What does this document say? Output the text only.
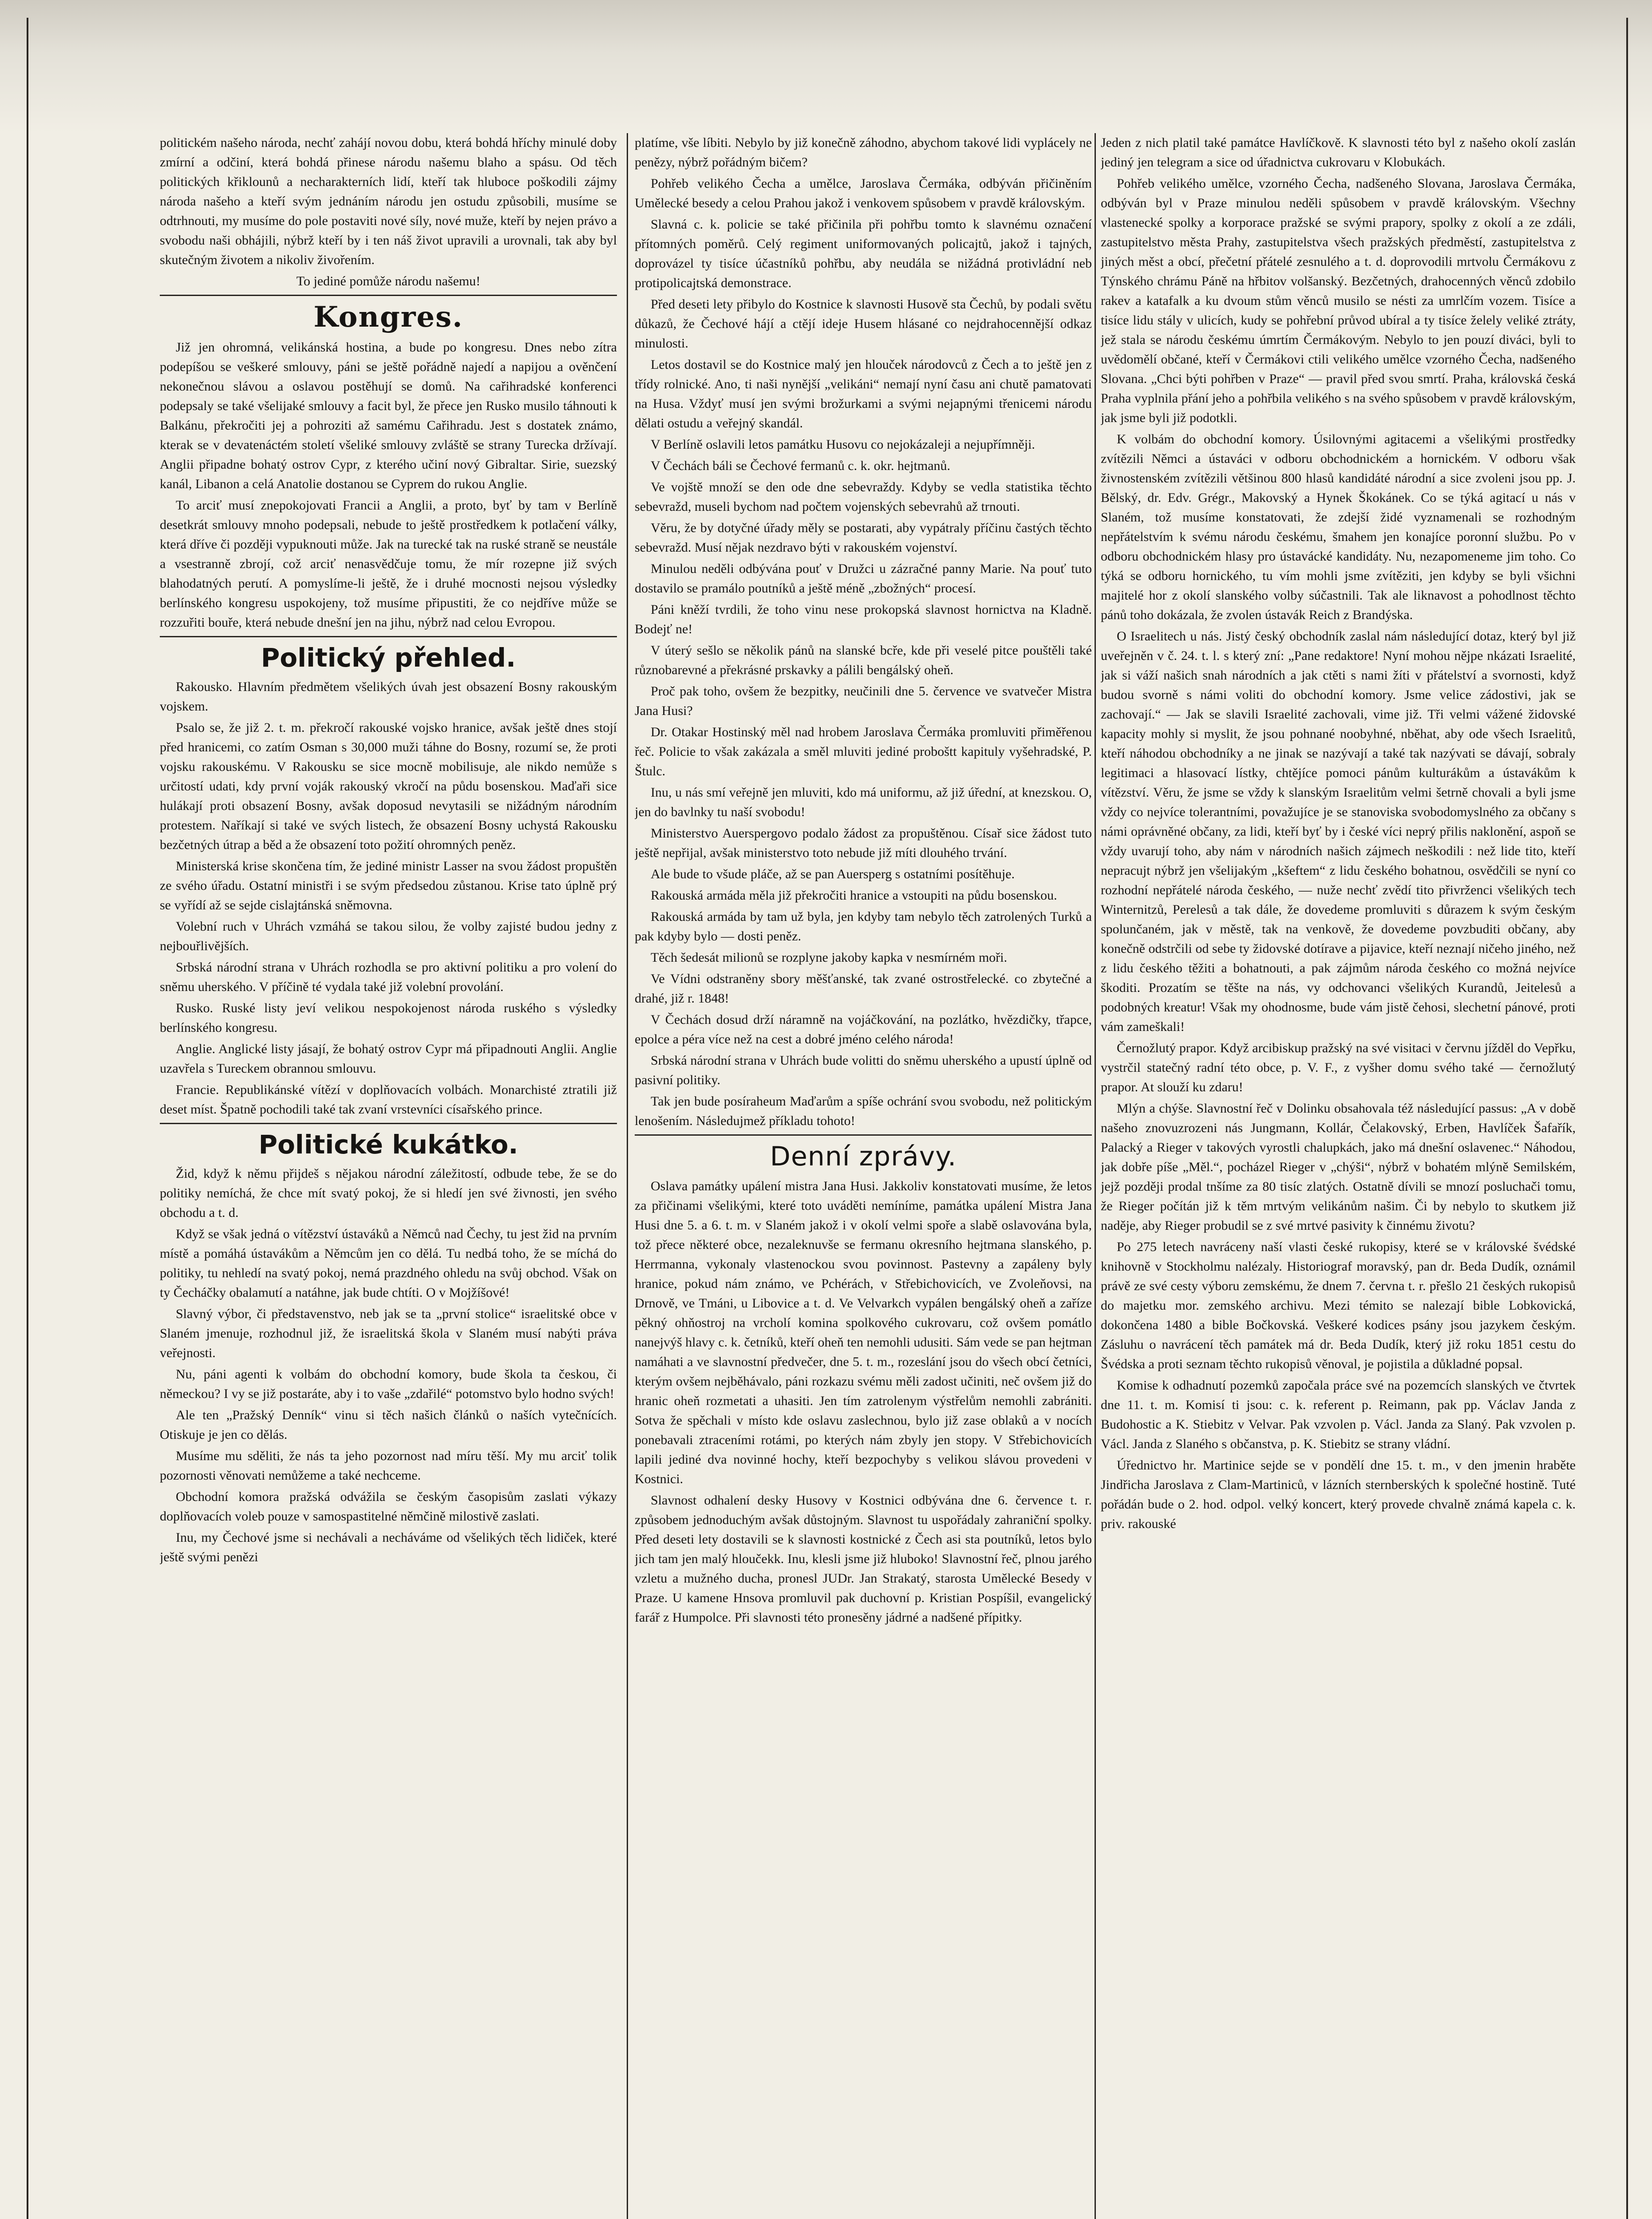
politickém našeho národa, nechť zahájí novou dobu, která bohdá hříchy minulé doby zmírní a odčiní, která bohdá přinese národu našemu blaho a spásu. Od těch politických křiklounů a necharakterních lidí, kteří tak hluboce poškodili zájmy národa našeho a kteří svým jednáním národu jen ostudu způsobili, musíme se odtrhnouti, my musíme do pole postaviti nové síly, nové muže, kteří by nejen právo a svobodu naši obhájili, nýbrž kteří by i ten náš život upravili a urovnali, tak aby byl skutečným životem a nikoliv živořením.

To jediné pomůže národu našemu!

Kongres.

Již jen ohromná, velikánská hostina, a bude po kongresu. Dnes nebo zítra podepíšou se veškeré smlouvy, páni se ještě pořádně najedí a napijou a ověnčení nekonečnou slávou a oslavou postěhují se domů. Na cařihradské konferenci podepsaly se také všeliјaké smlouvy a facit byl, že přece jen Rusko musilo táhnouti k Balkánu, překročiti jej a pohroziti až samému Cařihradu. Jest s dostatek známo, kterak se v devatenáctém století všeliké smlouvy zvláště se strany Turecka držívají. Anglii připadne bohatý ostrov Cypr, z kterého učiní nový Gibraltar. Sirie, suezský kanál, Libanon a celá Anatolie dostanou se Cyprem do rukou Anglie.

To arciť musí znepokojovati Francii a Anglii, a proto, byť by tam v Berlíně desetkrát smlouvy mnoho podepsali, nebude to ještě prostředkem k potlačení války, která dříve či později vypuknouti může. Jak na turecké tak na ruské straně se neustále a vsestranně zbrojí, což arciť nenasvědčuje tomu, že mír rozepne již svých blahodatných perutí. A pomyslíme-li ještě, že i druhé mocnosti nejsou výsledky berlínského kongresu uspokojeny, tož musíme připustiti, že co nejdříve může se rozzuřiti bouře, která nebude dnešní jen na jihu, nýbrž nad celou Evropou.

Politický přehled.

Rakousko. Hlavním předmětem všelikých úvah jest obsazení Bosny rakouským vojskem.

Psalo se, že již 2. t. m. překročí rakouské vojsko hranice, avšak ještě dnes stojí před hranicemi, co zatím Osman s 30,000 muži táhne do Bosny, rozumí se, že proti vojsku rakouskému. V Rakousku se sice mocně mobilisuje, ale nikdo nemůže s určitostí udati, kdy první voják rakouský vkročí na půdu bosenskou. Maďaři sice hulákají proti obsazení Bosny, avšak doposud nevytasili se nižádným národním protestem. Naříkají si také ve svých listech, že obsazení Bosny uchystá Rakousku bezčetných útrap a běd a že obsazení toto požití ohromných peněz.

Ministerská krise skončena tím, že jediné ministr Lasser na svou žádost propuštěn ze svého úřadu. Ostatní ministři i se svým předsedou zůstanou. Krise tato úplně prý se vyřídí až se sejde cislajtánská sněmovna.

Volební ruch v Uhrách vzmáhá se takou silou, že volby zajisté budou jedny z nejbouřlivějších.

Srbská národní strana v Uhrách rozhodla se pro aktivní politiku a pro volení do sněmu uherského. V příčině té vydala také již volební provolání.

Rusko. Ruské listy jeví velikou nespokojenost národa ruského s výsledky berlínského kongresu.

Anglie. Anglické listy jásají, že bohatý ostrov Cypr má připadnouti Anglii. Anglie uzavřela s Tureckem obrannou smlouvu.

Francie. Republikánské vítězí v doplňovacích volbách. Monarchisté ztratili již deset míst. Špatně pochodili také tak zvaní vrstevníci císařského prince.

Politické kukátko.

Žid, když k němu přijdeš s nějakou národní záležitostí, odbude tebe, že se do politiky nemíchá, že chce mít svatý pokoj, že si hledí jen své živnosti, jen svého obchodu a t. d.

Když se však jedná o vítězství ústaváků a Němců nad Čechy, tu jest žid na prvním místě a pomáhá ústavákům a Němcům jen co dělá. Tu nedbá toho, že se míchá do politiky, tu nehledí na svatý pokoj, nemá prazdného ohledu na svůj obchod. Však on ty Čecháčky obalamutí a natáhne, jak bude chtíti. O v Mojžíšové!

Slavný výbor, či představenstvo, neb jak se ta „první stolice“ israelitské obce v Slaném jmenuje, rozhodnul již, že israelitská škola v Slaném musí nabýti práva veřejnosti.

Nu, páni agenti k volbám do obchodní komory, bude škola ta českou, či německou? I vy se již postaráte, aby i to vaše „zdařilé“ potomstvo bylo hodno svých!

Ale ten „Pražský Denník“ vinu si těch našich článků o naších vytečnících. Otiskuje je jen co dělás.

Musíme mu sděliti, že nás ta jeho pozornost nad míru těší. My mu arciť tolik pozornosti věnovati nemůžeme a také nechceme.

Obchodní komora pražská odvážila se českým časopisům zaslati výkazy doplňovacích voleb pouze v samospastitelné němčině milostivě zaslati.

Inu, my Čechové jsme si nechávali a necháváme od všelikých těch lidiček, které ještě svými penězi

platíme, vše líbiti. Nebylo by již konečně záhodno, abychom takové lidi vyplácely ne penězy, nýbrž pořádným bičem?

Pohřeb velikého Čecha a umělce, Jaroslava Čermáka, odbýván přičiněním Umělecké besedy a celou Prahou jakož i venkovem spůsobem v pravdě královským.

Slavná c. k. policie se také přičinila při pohřbu tomto k slavnému označení přítomných poměrů. Celý regiment uniformovaných policajtů, jakož i tajných, doprovázel ty tisíce účastníků pohřbu, aby neudála se nižádná protivládní neb protipolicajtská demonstrace.

Před deseti lety přibylo do Kostnice k slavnosti Husově sta Čechů, by podali světu důkazů, že Čechové hájí a ctějí ideje Husem hlásané co nejdrahocennější odkaz minulosti.

Letos dostavil se do Kostnice malý jen hlouček národovců z Čech a to ještě jen z třídy rolnické. Ano, ti naši nynější „velikáni“ nemají nyní času ani chutě pamatovati na Husa. Vždyť musí jen svými brožurkami a svými nejapnými třenicemi národu dělati ostudu a veřejný skandál.

V Berlíně oslavili letos památku Husovu co nejokázaleji a nejupřímněji.

V Čechách báli se Čechové fermanů c. k. okr. hejtmanů.

Ve vojště množí se den ode dne sebevraždy. Kdyby se vedla statistika těchto sebevražd, museli bychom nad počtem vojenských sebevrahů až trnouti.

Věru, že by dotyčné úřady měly se postarati, aby vypátraly příčinu častých těchto sebevražd. Musí nějak nezdravo býti v rakouském vojenství.

Minulou neděli odbývána pouť v Družci u zázračné panny Marie. Na pouť tuto dostavilo se pramálo poutníků a ještě méně „zbožných“ procesí.

Páni kněží tvrdili, že toho vinu nese prokopská slavnost hornictva na Kladně. Bodejť ne!

V úterý sešlo se několik pánů na slanské bcře, kde při veselé pitce pouštěli také různobarevné a překrásné prskavky a pálili bengálský oheň.

Proč pak toho, ovšem že bezpitky, neučinili dne 5. července ve svatvečer Mistra Jana Husi?

Dr. Otakar Hostinský měl nad hrobem Jaroslava Čermáka promluviti přiměřenou řeč. Policie to však zakázala a směl mluviti jediné proboštt kapituly vyšehradské, P. Štulc.

Inu, u nás smí veřejně jen mluviti, kdo má uniformu, až již úřední, at knezskou. O, jen do bavlnky tu naší svobodu!

Ministerstvo Auerspergovo podalo žádost za propuštěnou. Císař sice žádost tuto ještě nepřijal, avšak ministerstvo toto nebude již míti dlouhého trvání.

Ale bude to všude pláče, až se pan Auersperg s ostatními posítěhuje.

Rakouská armáda měla již překročiti hranice a vstoupiti na půdu bosenskou.

Rakouská armáda by tam už byla, jen kdyby tam nebylo těch zatrolených Turků a pak kdyby bylo — dosti peněz.

Těch šedesát milionů se rozplyne jakoby kapka v nesmírném moři.

Ve Vídni odstraněny sbory měšťanské, tak zvané ostrostřelecké. co zbytečné a drahé, již r. 1848!

V Čechách dosud drží náramně na vojáčkování, na pozlátko, hvězdičky, třapce, epolce a péra více než na cest a dobré jméno celého národa!

Srbská národní strana v Uhrách bude volitti do sněmu uherského a upustí úplně od pasivní politiky.

Tak jen bude posíraheum Maďarům a spíše ochrání svou svobodu, než politickým lenošením. Následujmež příkladu tohoto!

Denní zprávy.

Oslava památky upálení mistra Jana Husi. Jakkoliv konstatovati musíme, že letos za přičinami všelikými, které toto uváděti nemíníme, památka upálení Mistra Jana Husi dne 5. a 6. t. m. v Slaném jakož i v okolí velmi spoře a slabě oslavována byla, tož přece některé obce, nezaleknuvše se fermanu okresního hejtmana slanského, p. Herrmanna, vykonaly vlastenockou svou povinnost. Pastevny a zapáleny byly hranice, pokud nám známo, ve Pchérách, v Střebichovicích, ve Zvoleňovsi, na Drnově, ve Tmáni, u Libovice a t. d. Ve Velvarkch vypálen bengálský oheň a zaříze pěkný ohňostroj na vrcholí komina spolkového cukrovaru, což ovšem pomátlo nanejvýš hlavy c. k. četníků, kteří oheň ten nemohli udusiti. Sám vede se pan hejtman namáhati a ve slavnostní předvečer, dne 5. t. m., rozeslání jsou do všech obcí četníci, kterým ovšem nejběhávalo, páni rozkazu svému měli zadost učiniti, neč ovšem již do hranic oheň rozmetati a uhasiti. Jen tím zatrolenym výstřelům nemohli zabrániti. Sotva že spěchali v místo kde oslavu zaslechnou, bylo již zase oblaků a v nocích ponebavali ztraceními rotámi, po kterých nám zbyly jen stopy. V Střebichovicích lapili jediné dva novinné hochy, kteří bezpochyby s velikou slávou provedeni v Kostnici.

Slavnost odhalení desky Husovy v Kostnici odbývána dne 6. července t. r. způsobem jednoduchým avšak důstojným. Slavnost tu uspořádaly zahraniční spolky. Před deseti lety dostavili se k slavnosti kostnické z Čech asi sta poutníků, letos bylo jich tam jen malý hloučekk. Inu, klesli jsme již hluboko! Slavnostní řeč, plnou jarého vzletu a mužného ducha, pronesl JUDr. Jan Strakatý, starosta Umělecké Besedy v Praze. U kamene Hnsova promluvil pak duchovní p. Kristian Pospíšil, evangelický farář z Humpolce. Při slavnosti této pronesěny jádrné a nadšené přípitky.

Jeden z nich platil také památce Havlíčkově. K slavnosti této byl z našeho okolí zaslán jediný jen telegram a sice od úřadnictva cukrovaru v Klobukách.

Pohřeb velikého umělce, vzorného Čecha, nadšeného Slovana, Jaroslava Čermáka, odbýván byl v Praze minulou neděli spůsobem v pravdě královským. Všechny vlastenecké spolky a korporace pražské se svými prapory, spolky z okolí a ze zdáli, zastupitelstvo města Prahy, zastupitelstva všech pražských předměstí, zastupitelstva z jiných měst a obcí, přečetní přátelé zesnulého a t. d. doprovodili mrtvolu Čermákovu z Týnského chrámu Páně na hřbitov volšanský. Bezčetných, drahocenných věnců zdobilo rakev a katafalk a ku dvoum stům věnců musilo se nésti za umrlčím vozem. Tisíce a tisíce lidu stály v ulicích, kudy se pohřební průvod ubíral a ty tisíce želely veliké ztráty, jež stala se národu českému úmrtím Čermákovým. Nebylo to jen pouzí diváci, byli to uvědomělí občané, kteří v Čermákovi ctili velikého umělce vzorného Čecha, nadšeného Slovana. „Chci býti pohřben v Praze“ — pravil před svou smrtí. Praha, královská česká Praha vyplnila přání jeho a pohřbila velikého s na svého spůsobem v pravdě královským, jak jsme byli již podotkli.

K volbám do obchodní komory. Úsilovnými agitacemi a všelikými prostředky zvítězili Němci a ústaváci v odboru obchodnickém a hornickém. V odboru však živnostenském zvítězili většinou 800 hlasů kandidáté národní a sice zvoleni jsou pp. J. Bělský, dr. Edv. Grégr., Makovský a Hynek Škokánek. Co se týká agitací u nás v Slaném, tož musíme konstatovati, že zdejší židé vyznamenali se rozhodným nepřátelstvím k svému národu českému, šmahem jen konajíce poronní službu. Po v odboru obchodnickém hlasy pro ústavácké kandidáty. Nu, nezapomeneme jim toho. Co týká se odboru hornického, tu vím mohli jsme zvítěziti, jen kdyby se byli všichni majitelé hor z okolí slanského volby súčastnili. Tak ale liknavost a pohodlnost těchto pánů toho dokázala, že zvolen ústavák Reich z Brandýska.

O Israelitech u nás. Jistý český obchodník zaslal nám následující dotaz, který byl již uveřejněn v č. 24. t. l. s který zní: „Pane redaktore! Nyní mohou nějpe nkázati Israelité, jak si váží našich snah národních a jak ctěti s nami žíti v přátelství a svornosti, když budou svorně s námi voliti do obchodní komory. Jsme velice zádostivi, jak se zachovají.“ — Jak se slavili Israelité zachovali, vime již. Tři velmi vážené židovské kapacity mohly si myslit, že jsou pohnané noobyhné, nběhat, aby ode všech Israelitů, kteří náhodou obchodníky a ne jinak se nazývají a také tak nazývati se dávají, sobraly legitimaci a hlasovací lístky, chtějíce pomoci pánům kulturákům a ústavákům k vítězství. Věru, že jsme se vždy k slanským Israelitům velmi šetrně chovali a byli jsme vždy co nejvíce tolerantními, považujíce je se stanoviska svobodomyslného za občany s námi oprávněné občany, za lidi, kteří byť by i české víci neprý přilis naklonění, aspoň se vždy uvarují toho, aby nám v národních našich zájmech neškodili : než lide tito, kteří nepracujt nýbrž jen všelijakým „kšeftem“ z lidu českého bohatnou, osvědčili se nyní co rozhodní nepřátelé národa českého, — nuže nechť zvědí tito přivrženci všelikých tech Winternitzů, Perelesů a tak dále, že dovedeme promluviti s důrazem k svým českým spolunčaném, jak v městě, tak na venkově, že dovedeme povzbuditi občany, aby konečně odstrčili od sebe ty židovské dotírave a pijavice, kteří neznají ničeho jiného, než z lidu českého těžiti a bohatnouti, a pak zájmům národa českého co možná nejvíce škoditi. Prozatím se těšte na nás, vy odchovanci všelikých Kurandů, Jeitelesů a podobných kreatur! Však my ohodnosme, bude vám jistě čehosi, slechetní pánové, proti vám zameškali!

Černožlutý prapor. Když arcibiskup pražský na své visitaci v červnu jížděl do Vepřku, vystrčil statečný radní této obce, p. V. F., z vyšher domu svého také — černožlutý prapor. At slouží ku zdaru!

Mlýn a chýše. Slavnostní řeč v Dolinku obsahovala též následující passus: „A v době našeho znovuzrozeni nás Jungmann, Kollár, Čelakovský, Erben, Havlíček Šafařík, Palacký a Rieger v takových vyrostli chalupkách, jako má dnešní oslavenec.“ Náhodou, jak dobře píše „Měl.“, pocházel Rieger v „chýši“, nýbrž v bohatém mlýně Semilském, jejž později prodal tnšíme za 80 tisíc zlatých. Ostatně dívili se mnozí posluchači tomu, že Rieger počítán již k těm mrtvým velikánům našim. Či by nebylo to skutkem již naděje, aby Rieger probudil se z své mrtvé pasivity k činnému životu?

Po 275 letech navráceny naší vlasti české rukopisy, které se v královské švédské knihovně v Stockholmu nalézaly. Historiograf moravský, pan dr. Beda Dudík, oznámil právě ze své cesty výboru zemskému, že dnem 7. června t. r. přešlo 21 českých rukopisů do majetku mor. zemského archivu. Mezi témito se nalezají bible Lobkovická, dokončena 1480 a bible Bočkovská. Veškeré kodices psány jsou jazykem českým. Zásluhu o navrácení těch památek má dr. Beda Dudík, který již roku 1851 cestu do Švédska a proti seznam těchto rukopisů věnoval, je pojistila a důkladné popsal.

Komise k odhadnutí pozemků započala práce své na pozemcích slanských ve čtvrtek dne 11. t. m. Komisí ti jsou: c. k. referent p. Reimann, pak pp. Václav Janda z Budohostic a K. Stiebitz v Velvar. Pak vzvolen p. Václ. Janda za Slaný. Pak vzvolen p. Václ. Janda z Slaného s občanstva, p. K. Stiebitz se strany vládní.

Úřednictvo hr. Martinice sejde se v pondělí dne 15. t. m., v den jmenin hraběte Jindřicha Jaroslava z Clam-Martiniců, v lázních sternberských k společné hostině. Tuté pořádán bude o 2. hod. odpol. velký koncert, který provede chvalně známá kapela c. k. priv. rakouské
